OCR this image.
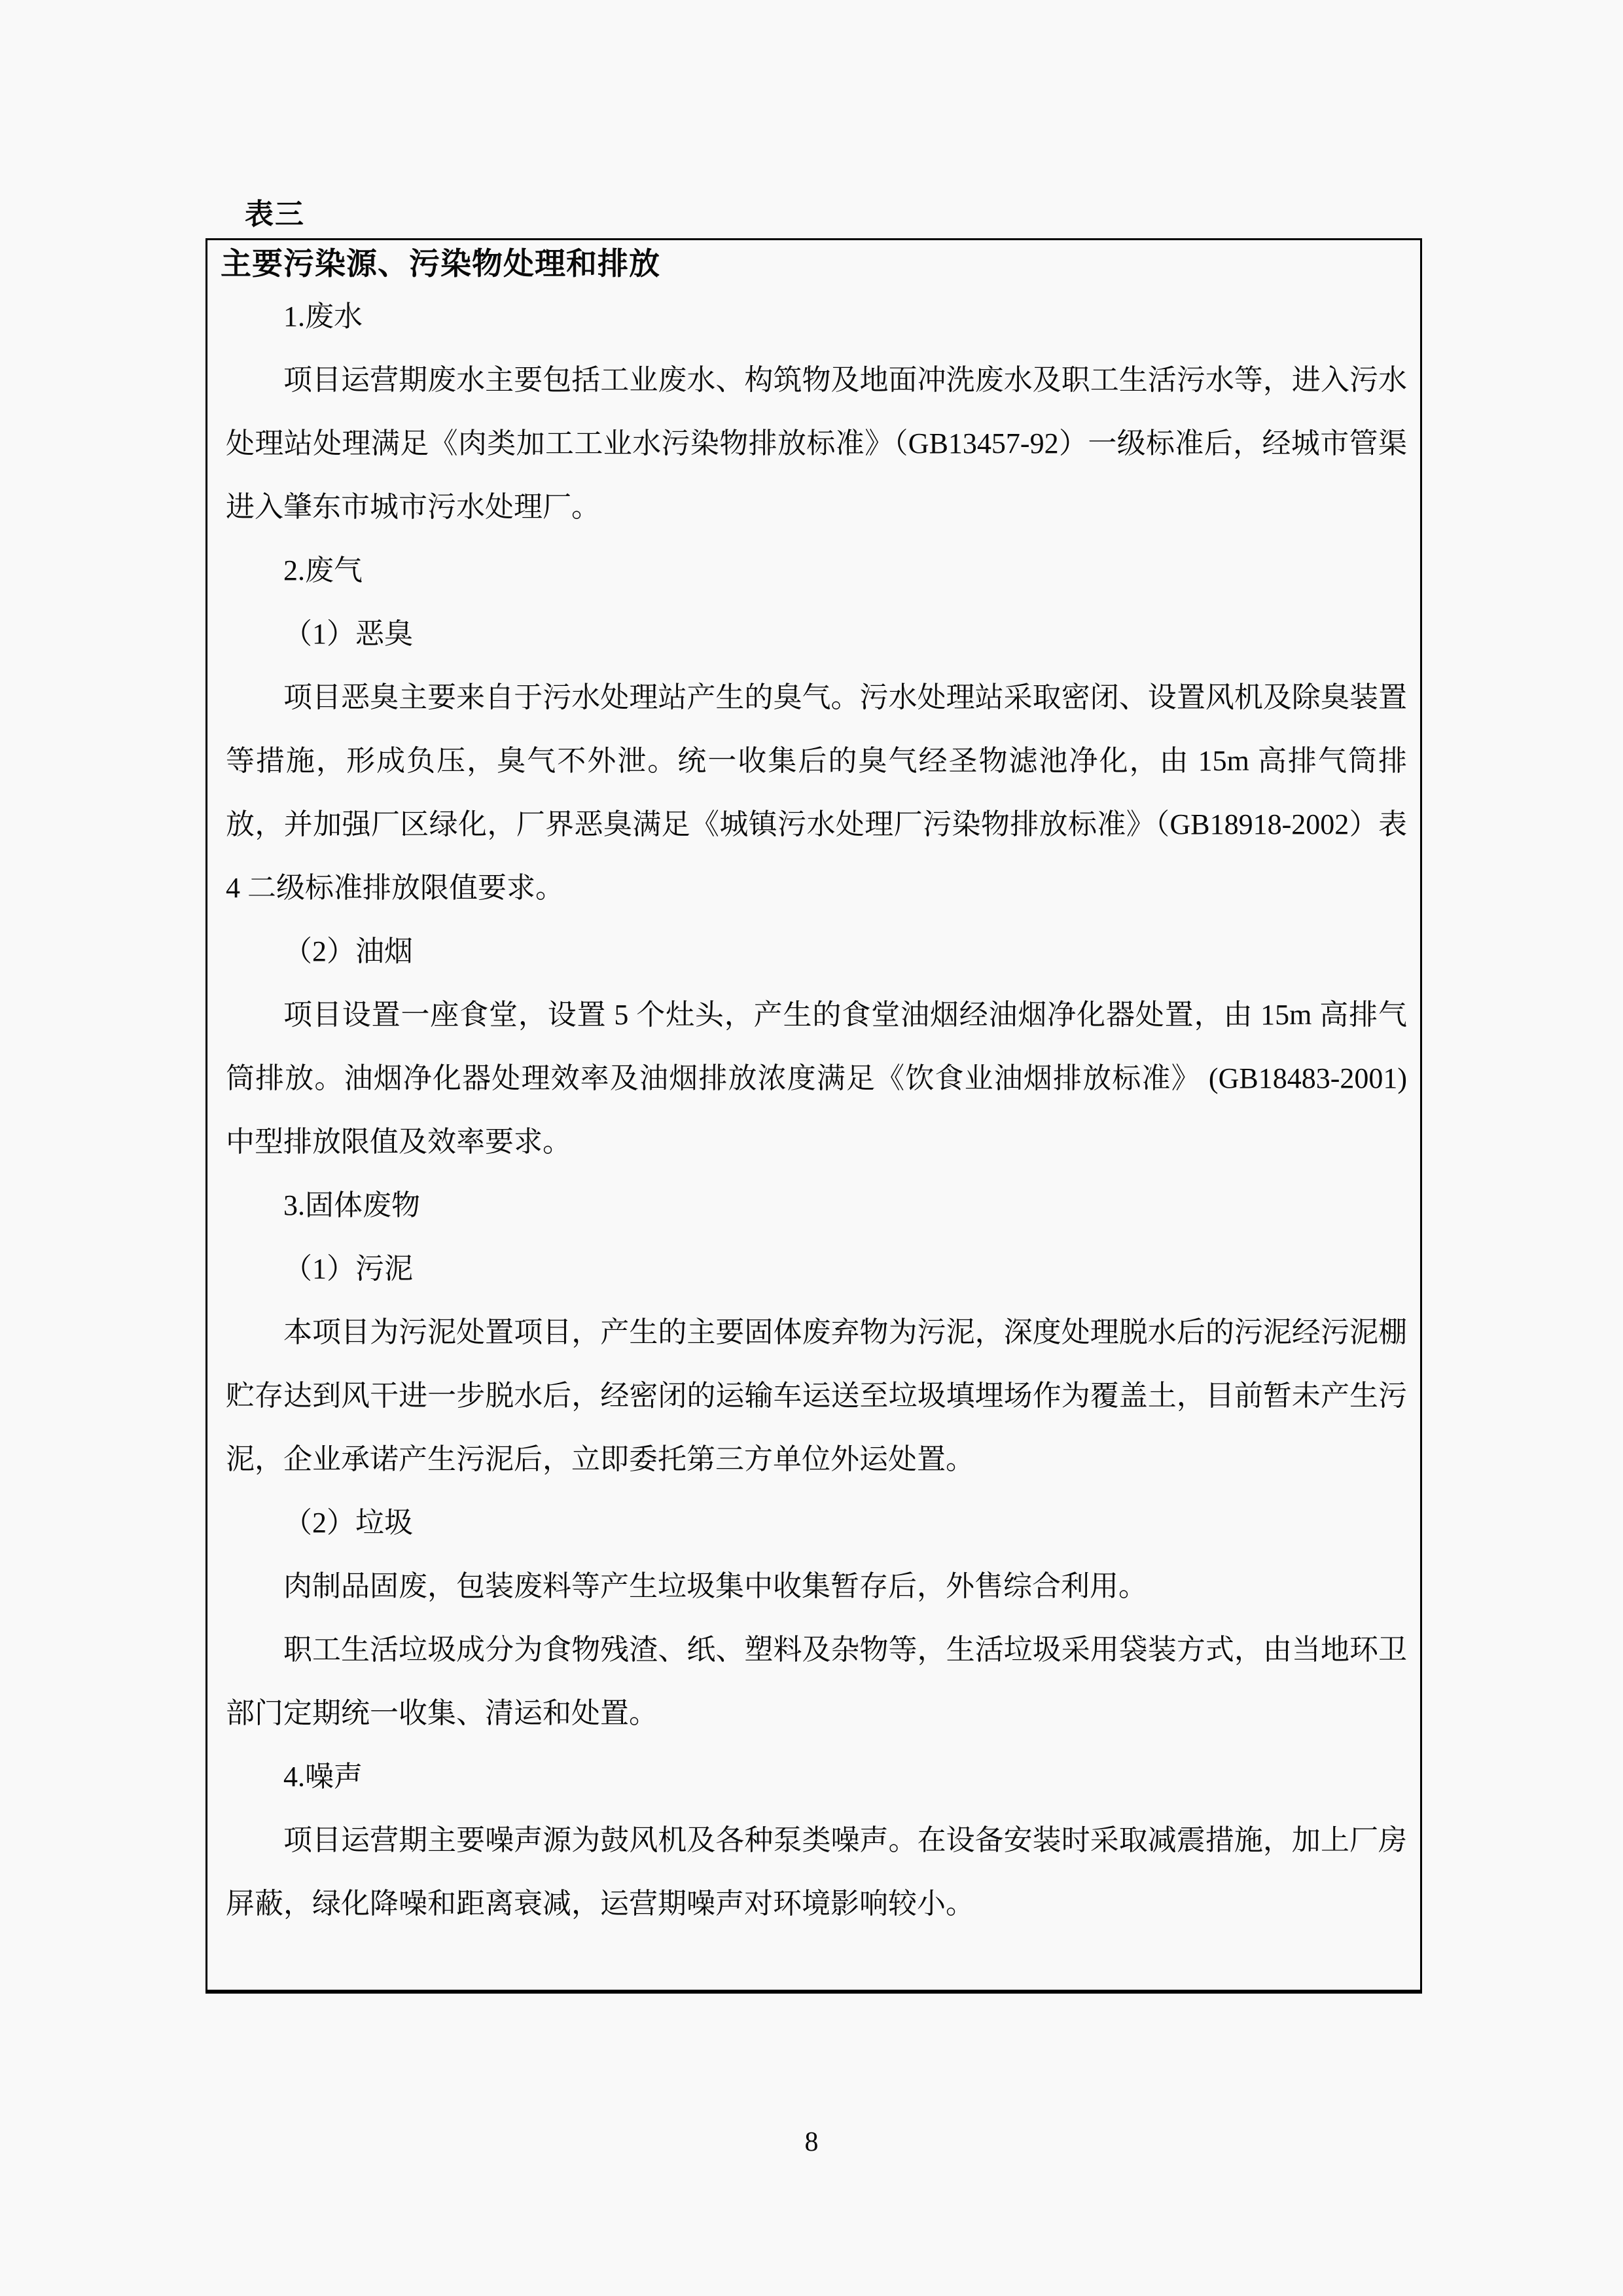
表三
主要污染源、污染物处理和排放

1.废水

项目运营期废水主要包括工业废水、构筑物及地面冲洗废水及职工生活污水等，进入污水处理站处理满足《肉类加工工业水污染物排放标准》（GB13457-92）一级标准后，经城市管渠进入肇东市城市污水处理厂。

2.废气

（1）恶臭

项目恶臭主要来自于污水处理站产生的臭气。污水处理站采取密闭、设置风机及除臭装置等措施，形成负压，臭气不外泄。统一收集后的臭气经圣物滤池净化，由 15m 高排气筒排放，并加强厂区绿化，厂界恶臭满足《城镇污水处理厂污染物排放标准》（GB18918-2002）表 4 二级标准排放限值要求。

（2）油烟

项目设置一座食堂，设置 5 个灶头，产生的食堂油烟经油烟净化器处置，由 15m 高排气筒排放。油烟净化器处理效率及油烟排放浓度满足《饮食业油烟排放标准》 (GB18483-2001)中型排放限值及效率要求。

3.固体废物

（1）污泥

本项目为污泥处置项目，产生的主要固体废弃物为污泥，深度处理脱水后的污泥经污泥棚贮存达到风干进一步脱水后，经密闭的运输车运送至垃圾填埋场作为覆盖土，目前暂未产生污泥，企业承诺产生污泥后，立即委托第三方单位外运处置。

（2）垃圾

肉制品固废，包装废料等产生垃圾集中收集暂存后，外售综合利用。

职工生活垃圾成分为食物残渣、纸、塑料及杂物等，生活垃圾采用袋装方式，由当地环卫部门定期统一收集、清运和处置。

4.噪声

项目运营期主要噪声源为鼓风机及各种泵类噪声。在设备安装时采取减震措施，加上厂房屏蔽，绿化降噪和距离衰减，运营期噪声对环境影响较小。

8
